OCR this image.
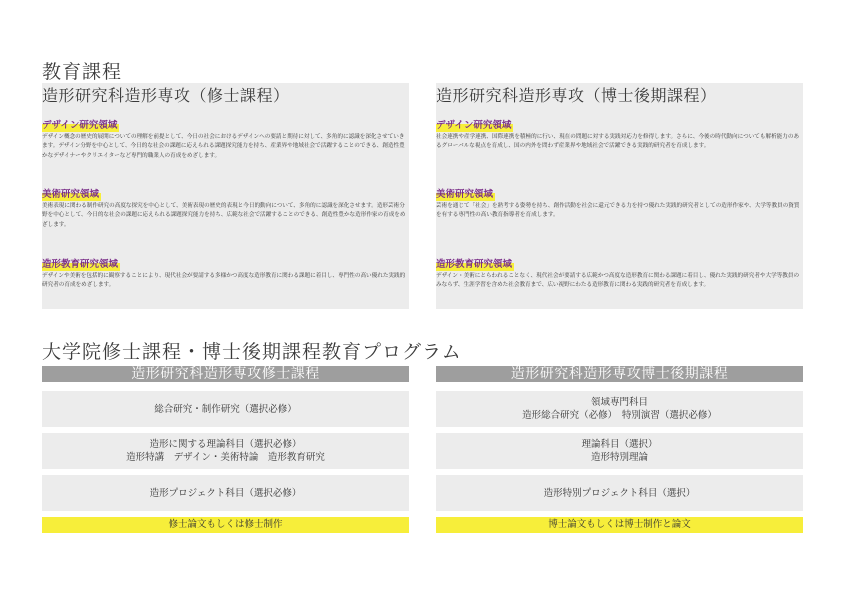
教育課程
造形研究科造形専攻（修士課程）
デザイン研究領域
デザイン概念の歴史的展開についての理解を前提として、今日の社会におけるデザインへの要請と期待に対して、多角的に認識を深化させていきます。デザイン分野を中心として、今日的な社会の課題に応えられる課題探究能力を持ち、産業界や地域社会で活躍することのできる、創造性豊かなデザイナーやクリエイターなど専門的職業人の育成をめざします。
美術研究領域
美術表現に関わる制作研究の高度な探究を中心として、美術表現の歴史的表現と今日的動向について、多角的に認識を深化させます。造形芸術分野を中心として、今日的な社会の課題に応えられる課題探究能力を持ち、広範な社会で活躍することのできる、創造性豊かな造形作家の育成をめざします。
造形教育研究領域
デザインや美術を包括的に観察することにより、現代社会が要請する多様かつ高度な造形教育に関わる課題に着目し、専門性の高い優れた実践的研究者の育成をめざします。
造形研究科造形専攻（博士後期課程）
デザイン研究領域
社会連携や産学連携、国際連携を積極的に行い、現在の問題に対する実践対応力を修得します。さらに、今後の時代動向についても解析能力のあるグローバルな視点を育成し、国の内外を問わず産業界や地域社会で活躍できる実践的研究者を育成します。
美術研究領域
芸術を通じて「社会」を熟考する姿勢を持ち、創作活動を社会に還元できる力を持つ優れた実践的研究者としての造形作家や、大学等教員の資質を有する専門性の高い教育指導者を育成します。
造形教育研究領域
デザイン・美術にとらわれることなく、現代社会が要請する広範かつ高度な造形教育に関わる課題に着目し、優れた実践的研究者や大学等教員のみならず、生涯学習を含めた社会教育まで、広い視野にわたる造形教育に関わる実践的研究者を育成します。
大学院修士課程・博士後期課程教育プログラム
造形研究科造形専攻修士課程
総合研究・制作研究（選択必修）
造形に関する理論科目（選択必修）
造形特講　デザイン・美術特論　造形教育研究
造形プロジェクト科目（選択必修）
修士論文もしくは修士制作
造形研究科造形専攻博士後期課程
領域専門科目
造形総合研究（必修）　特別演習（選択必修）
理論科目（選択）
造形特別理論
造形特別プロジェクト科目（選択）
博士論文もしくは博士制作と論文
